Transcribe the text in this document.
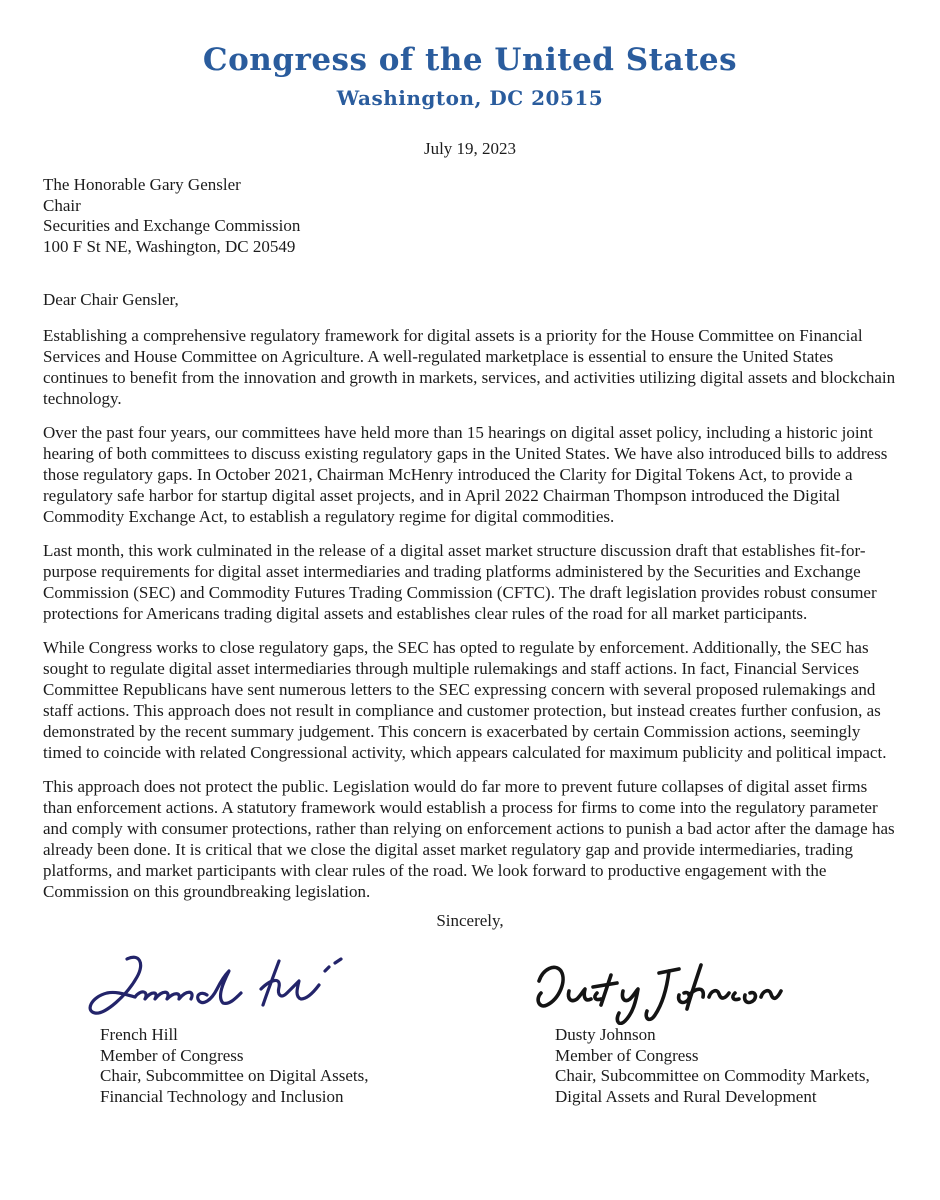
Congress of the United States
Washington, DC 20515
July 19, 2023
The Honorable Gary Gensler
Chair
Securities and Exchange Commission
100 F St NE, Washington, DC 20549
Dear Chair Gensler,

Establishing a comprehensive regulatory framework for digital assets is a priority for the House Committee on Financial Services and House Committee on Agriculture. A well-regulated marketplace is essential to ensure the United States continues to benefit from the innovation and growth in markets, services, and activities utilizing digital assets and blockchain technology.

Over the past four years, our committees have held more than 15 hearings on digital asset policy, including a historic joint hearing of both committees to discuss existing regulatory gaps in the United States. We have also introduced bills to address those regulatory gaps. In October 2021, Chairman McHenry introduced the Clarity for Digital Tokens Act, to provide a regulatory safe harbor for startup digital asset projects, and in April 2022 Chairman Thompson introduced the Digital Commodity Exchange Act, to establish a regulatory regime for digital commodities.

Last month, this work culminated in the release of a digital asset market structure discussion draft that establishes fit-for-purpose requirements for digital asset intermediaries and trading platforms administered by the Securities and Exchange Commission (SEC) and Commodity Futures Trading Commission (CFTC). The draft legislation provides robust consumer protections for Americans trading digital assets and establishes clear rules of the road for all market participants.

While Congress works to close regulatory gaps, the SEC has opted to regulate by enforcement. Additionally, the SEC has sought to regulate digital asset intermediaries through multiple rulemakings and staff actions. In fact, Financial Services Committee Republicans have sent numerous letters to the SEC expressing concern with several proposed rulemakings and staff actions. This approach does not result in compliance and customer protection, but instead creates further confusion, as demonstrated by the recent summary judgement. This concern is exacerbated by certain Commission actions, seemingly timed to coincide with related Congressional activity, which appears calculated for maximum publicity and political impact.

This approach does not protect the public. Legislation would do far more to prevent future collapses of digital asset firms than enforcement actions. A statutory framework would establish a process for firms to come into the regulatory parameter and comply with consumer protections, rather than relying on enforcement actions to punish a bad actor after the damage has already been done. It is critical that we close the digital asset market regulatory gap and provide intermediaries, trading platforms, and market participants with clear rules of the road. We look forward to productive engagement with the Commission on this groundbreaking legislation.

Sincerely,
French Hill
Member of Congress
Chair, Subcommittee on Digital Assets,
Financial Technology and Inclusion
Dusty Johnson
Member of Congress
Chair, Subcommittee on Commodity Markets,
Digital Assets and Rural Development
